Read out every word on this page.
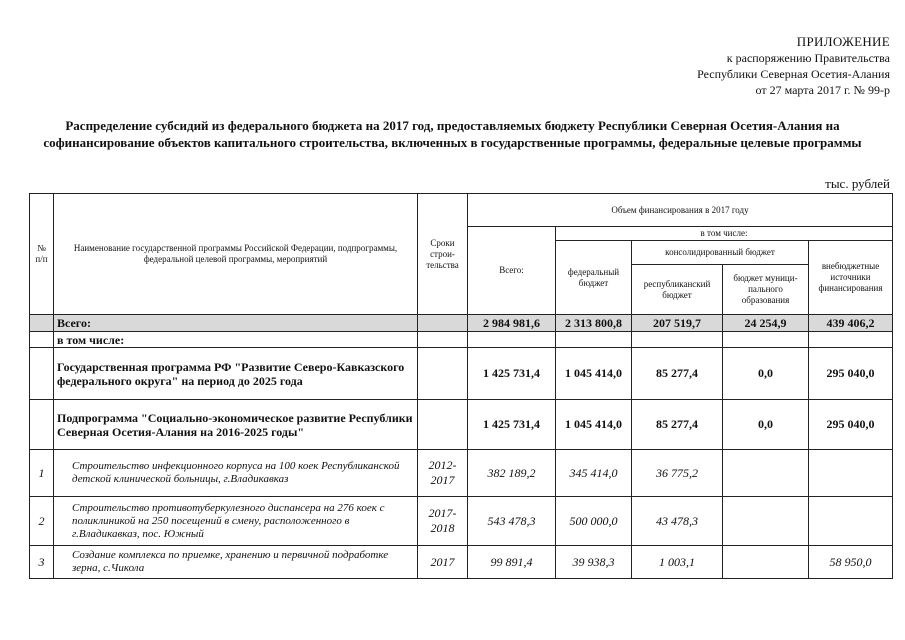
ПРИЛОЖЕНИЕ
к распоряжению Правительства
Республики Северная Осетия-Алания
от 27 марта 2017 г. № 99-р
Распределение субсидий из федерального бюджета на 2017 год, предоставляемых бюджету Республики Северная Осетия-Алания на софинансирование объектов капитального строительства, включенных в государственные программы, федеральные целевые программы
тыс. рублей
№ п/п	Наименование государственной программы Российской Федерации, подпрограммы, федеральной целевой программы, мероприятий	Сроки строи- тельства	Объем финансирования в 2017 году				
			Всего:	в том числе:			
				федеральный бюджет	консолидированный бюджет		внебюджетные источники финансирования
					республиканский бюджет	бюджет муници- пального образования	
	Всего:		2 984 981,6	2 313 800,8	207 519,7	24 254,9	439 406,2
	в том числе:						
	Государственная программа РФ "Развитие Северо-Кавказского федерального округа" на период до 2025 года		1 425 731,4	1 045 414,0	85 277,4	0,0	295 040,0
	Подпрограмма "Социально-экономическое развитие Республики Северная Осетия-Алания на 2016-2025 годы"		1 425 731,4	1 045 414,0	85 277,4	0,0	295 040,0
1	Строительство инфекционного корпуса на 100 коек Республиканской детской клинической больницы, г.Владикавказ	2012-2017	382 189,2	345 414,0	36 775,2		
2	Строительство противотуберкулезного диспансера на 276 коек с поликлиникой на 250 посещений в смену, расположенного в г.Владикавказ, пос. Южный	2017-2018	543 478,3	500 000,0	43 478,3		
3	Создание комплекса по приемке, хранению и первичной подработке зерна, с.Чикола	2017	99 891,4	39 938,3	1 003,1		58 950,0
